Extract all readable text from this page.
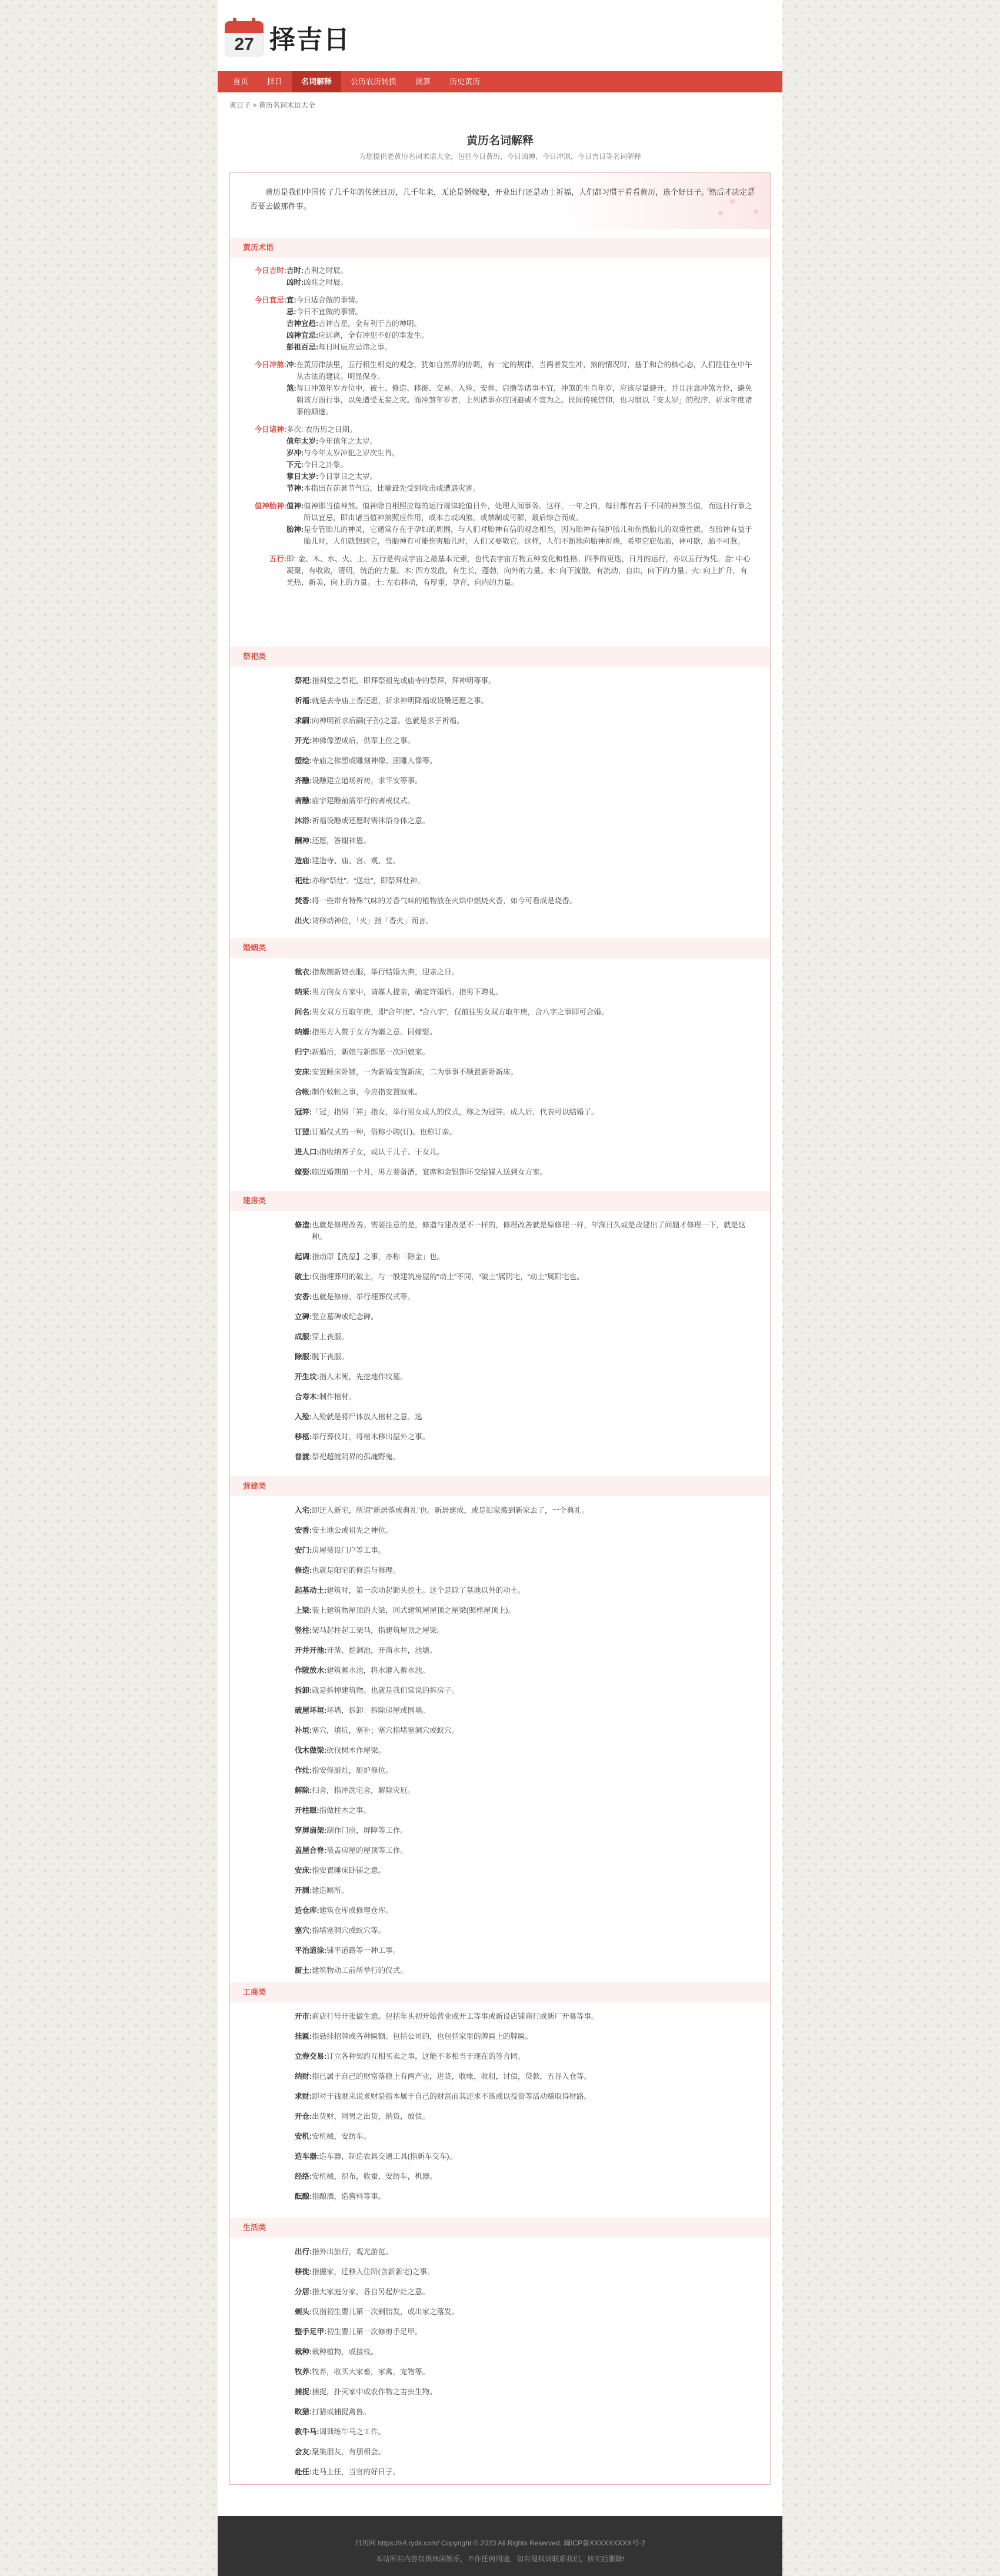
27 择吉日
首页	择日	名词解释	公历农历转换	测算	历史黄历
黄日子 > 黄历名词术语大全
黄历名词解释
为您提供老黄历名词术语大全，包括今日黄历，今日凶神，今日冲煞，今日吉日等名词解释
黄历是我们中国传了几千年的传统日历，几千年来，无论是婚嫁娶，开业出行还是动土祈福，人们都习惯于看看黄历，选个好日子。然后才决定是否要去做那件事。
黄历术语
今日吉时: 吉时: 吉利之时辰。
凶时: 凶兆之时辰。
今日宜忌: 宜: 今日适合做的事情。
忌: 今日不宜做的事情。
吉神宜趋: 吉神吉星，全有利于吉的神明。
凶神宜忌: 应远离，全有冲犯不好的事发生。
彭祖百忌: 每日时辰应忌讳之事。
今日冲煞: 冲: 在黄历律法里，五行相生相克的观念，犹如自然界的协调，有一定的规律，当两者发生冲，煞的情况时，基于和合的核心态，人们往往在中午从古法的建议。明显保身。
煞: 每日冲煞年岁方位中，被土、修造、移徙、交易、入殓、安葬、启攒等诸事不宜，冲煞的生肖年岁，应该尽量避开，并且注意冲煞方位，避免朝该方面行事，以免遭受无妄之灾。而冲煞年岁者，上列诸事亦应回避或不宜为之。民间传统信仰，也习惯以「安太岁」的程序，祈求年度诸事的顺遂。
今日诸神: 多次: 农历历之日期。
值年太岁: 今年值年之太岁。
岁冲: 与今年太岁冲犯之岁次生肖。
下元: 今日之卦象。
掌日太岁: 今日掌日之太岁。
节神: 本指出在前暑节气后，比喻最先受到攻击或遭遇灾害。
值神胎神: 值神: 值神即当值神煞。值神除自相照应每的运行规律轮值日外，处理人间事务。这样，一年之内，每日都有若干不同的神煞当值，而这日行事之所以宜忌，即由诸当值神煞照应作用，或本吉或凶煞，或禁制或可解，最后综合而成。
胎神: 是专管胎儿的神灵，它通常存在于孕妇的周围，与人们对胎神有信的观念相当，因为胎神有保护胎儿和伤损胎儿的双重性质。当胎神有益于胎儿时，人们就想到它，当胎神有可能伤害胎儿时，人们又要敬它。这样，人们不断地向胎神祈祷，希望它庇佑胎，神可歇，胎不可惹。
五行: 即: 金、木、水、火、土。五行是构成宇宙之最基本元素，也代表宇宙万物五种变化和性格。四季的更迭，日月的运行，亦以五行为凭。金: 中心凝聚，有收敛，清明，统治的力量。木: 四方发散，有生长，蓬勃，向外的力量。水: 向下流散，有流动，自由，向下的力量。火: 向上扩升，有光热，新美，向上的力量。土: 左右移动，有厚重，孕育，向内的力量。
祭祀类
祭祀: 指祠堂之祭祀，即拜祭祖先或庙寺的祭拜，拜神明等事。
祈福: 就是去寺庙上香还愿，祈求神明降福或设醮还愿之事。
求嗣: 向神明祈求后嗣(子孙)之意。也就是求子祈福。
开光: 神佛像塑成后，供奉上位之事。
塑绘: 寺庙之佛塑或雕刻神像、画雕人像等。
齐醮: 设醮建立道场祈祷，求平安等事。
斋醮: 庙宇建醮前需举行的斋戒仪式。
沐浴: 祈福设醮或还愿时需沐浴身体之意。
酬神: 还愿，答谢神恩。
造庙: 建造寺、庙、宫、观、堂。
祀灶: 亦称“祭灶”、“送灶”，即祭拜灶神。
焚香: 将一些带有特殊气味的芳香气味的植物放在火焰中燃烧火香，如今可看成是烧香。
出火: 请移动神位，「火」指「香火」而言。
婚姻类
裁衣: 指裁制新娘衣服，举行结婚大典，迎亲之日。
纳采: 男方向女方家中，请媒人提亲，确定许婚后。指男下聘礼。
问名: 男女双方互取年庚，即“合年庚”、“合八字”，仅前往男女双方取年庚，合八字之事即可合婚。
纳婿: 指男方入赘于女方为婿之意。同嫁娶。
归宁: 新婚后，新娘与新郎第一次回娘家。
安床: 安置睡床卧铺，一为新婚安置新床，二为事事不顺置新卧新床。
合帐: 制作蚊帐之事，今应指安置蚊帐。
冠笄: 「冠」指男「笄」指女，举行男女成人的仪式，称之为冠笄。成人后，代表可以结婚了。
订盟: 订婚仪式的一种，俗称小聘(订)。也称订亲。
进人口: 指收纳养子女，或认干儿子、干女儿。
嫁娶: 临近婚期前一个月，男方要备酒，宴席和金银饰环交给媒人送到女方家。
建房类
修造: 也就是修理改善。需要注意的是，修造与建改是不一样的，修理改善就是原修理一样，年深日久或是改建出了问题才修理一下，就是这种。
起调: 指动原【洗屋】之事，亦称「除金」也。
破土: 仅指埋葬用的破土，与一般建筑房屋的“动土”不同，“破土”属阴宅，“动土”属阳宅也。
安香: 也就是修房。举行埋葬仪式等。
立碑: 竖立墓碑或纪念碑。
成服: 穿上丧服。
除服: 脱下丧服。
开生坟: 指人未死，先挖地作坟墓。
合寿木: 制作棺材。
入殓: 入殓就是将尸体放入棺材之意。选
移柩: 举行葬仪时，将棺木移出屋外之事。
普渡: 祭祀超渡阴界的孤魂野鬼。
营建类
入宅: 即迁入新宅，所谓“新居落成典礼”也。新居建成，或是旧家搬到新家去了，一个典礼。
安香: 安土地公或祖先之神位。
安门: 房屋装设门户等工事。
修造: 也就是阳宅的修造与修理。
起基动土: 建筑时，第一次动起锄头挖土。这个是除了墓地以外的动土。
上梁: 装上建筑物屋顶的大梁，同式建筑屋屋顶之屋梁(照样屋顶上)。
竖柱: 架马起柱起工架马，指建筑屋顶之屋梁。
开井开池: 开凿、挖洞池，开凿水井，池塘。
作陂放水: 建筑蓄水池，将水灌入蓄水池。
拆卸: 就是拆掉建筑物。也就是我们常说的拆房子。
破屋坏垣: 坏墙，拆卸：拆除房屋或围墙。
补垣: 塞穴，填坑，塞补；塞穴指堵塞洞穴或蚁穴。
伐木做梁: 砍伐树木作屋梁。
作灶: 指安修厨灶，厨炉修位。
解除: 扫舍，指冲洗宅舍，解除灾厄。
开柱眼: 指做柱木之事。
穿屏扇架: 制作门扇，屏障等工作。
盖屋合脊: 装盖房屋的屋顶等工作。
安床: 指安置睡床卧铺之意。
开厕: 建造厕所。
造仓库: 建筑仓库或修理仓库。
塞穴: 指堵塞洞穴或蚁穴等。
平治道涂: 铺平道路等一种工事。
厨土: 建筑物动工前所举行的仪式。
工商类
开市: 商店行号开张做生意。包括年头初开始营业或开工等事或新设店铺商行或新厂开幕等事。
挂匾: 指悬挂招牌或各种匾额。包括公司的，也包括家里的牌匾上的牌匾。
立券交易: 订立各种契约互相买卖之事，这能不多相当于现在的签合同。
纳财: 指已属于自己的财富落稳上有两产业，进货，收帐，收租，讨债，贷款，五谷入仓等。
求财: 即对于钱财来说求财是指本属于自己的财富而其还求不该或以投资等活动赚取得财路。
开仓: 出货财，同男之出货，纳货，放债。
安机: 安机械，安纺车。
造车器: 造车器，制造农具交通工具(指新车交车)。
经络: 安机械，织布，收蚕，安纺车，机器。
酝酿: 指酿酒，造酱料等事。
生活类
出行: 指外出旅行，观光游览。
移徙: 指搬家，迁移入住所(含新新宅)之事。
分居: 指大家庭分家，各自另起炉灶之意。
剃头: 仅指初生婴儿第一次剃胎发，或出家之落发。
整手足甲: 初生婴儿第一次修剪手足甲。
栽种: 栽种植物，或接枝。
牧养: 牧养，收买大家畜，家禽，宠物等。
捕捉: 捕捉，扑灭家中或农作物之害虫生物。
畋猎: 打猎或捕捉禽兽。
教牛马: 调训练牛马之工作。
会友: 聚集朋友，有朋相会。
赴任: 走马上任，当官的好日子。
日历网 https://s4.rydk.com/ Copyright © 2023 All Rights Reserved. 闽ICP备XXXXXXXXX号-2
本站所有内容仅供休闲娱乐，不作任何用途，如有侵权请联系我们，核实后删除!
